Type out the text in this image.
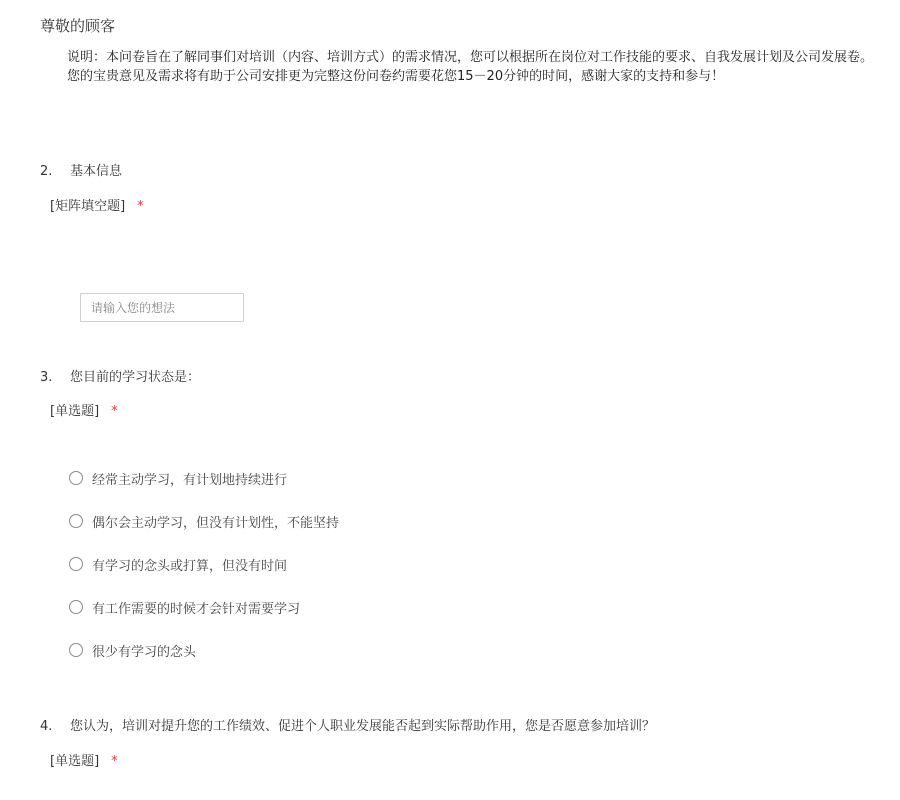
尊敬的顾客

说明：本问卷旨在了解同事们对培训（内容、培训方式）的需求情况，您可以根据所在岗位对工作技能的要求、自我发展计划及公司发展卷。

您的宝贵意见及需求将有助于公司安排更为完整这份问卷约需要花您15－20分钟的时间，感谢大家的支持和参与！

2. 基本信息
[矩阵填空题] *
请输入您的想法
3. 您目前的学习状态是：
[单选题] *
经常主动学习，有计划地持续进行
偶尔会主动学习，但没有计划性，不能坚持
有学习的念头或打算，但没有时间
有工作需要的时候才会针对需要学习
很少有学习的念头
4. 您认为，培训对提升您的工作绩效、促进个人职业发展能否起到实际帮助作用，您是否愿意参加培训？
[单选题] *
